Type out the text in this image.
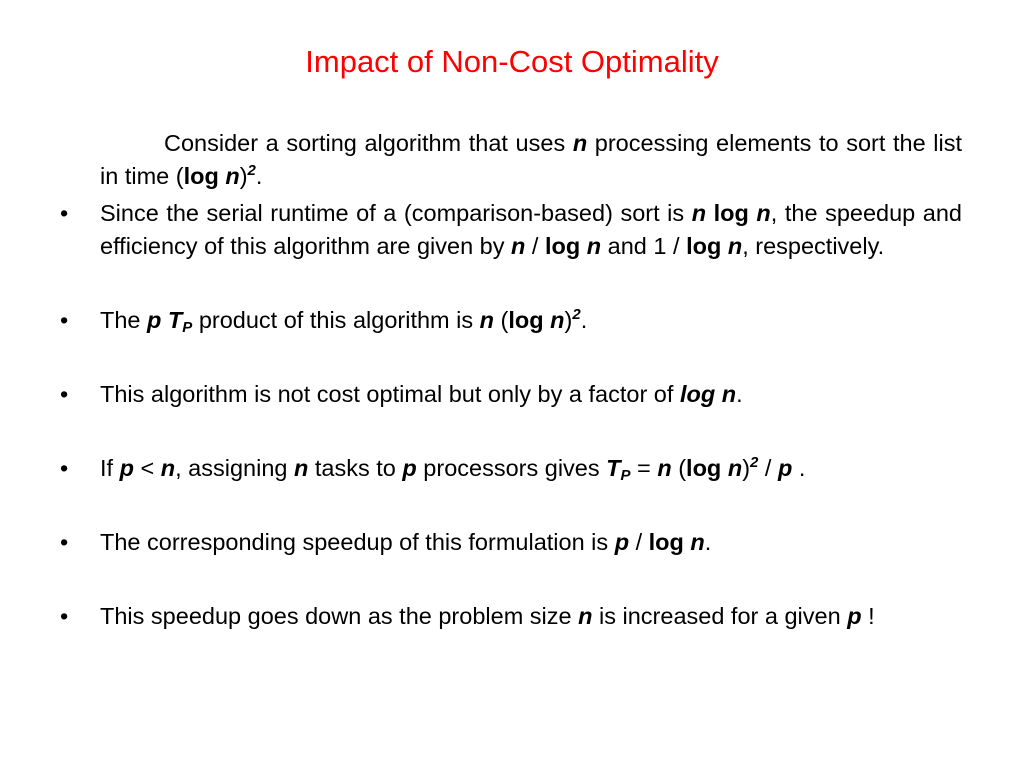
Impact of Non-Cost Optimality

Consider a sorting algorithm that uses n processing elements to sort the list in time (log n)$^2$.

• Since the serial runtime of a (comparison-based) sort is n log n, the speedup and efficiency of this algorithm are given by n / log n and 1 / log n, respectively.

• The p $T_P$ product of this algorithm is n (log n)$^2$.

• This algorithm is not cost optimal but only by a factor of log n.

• If p < n, assigning n tasks to p processors gives $T_P = n$ (log n)$^2$ / p .

• The corresponding speedup of this formulation is p / log n.

• This speedup goes down as the problem size n is increased for a given p !
